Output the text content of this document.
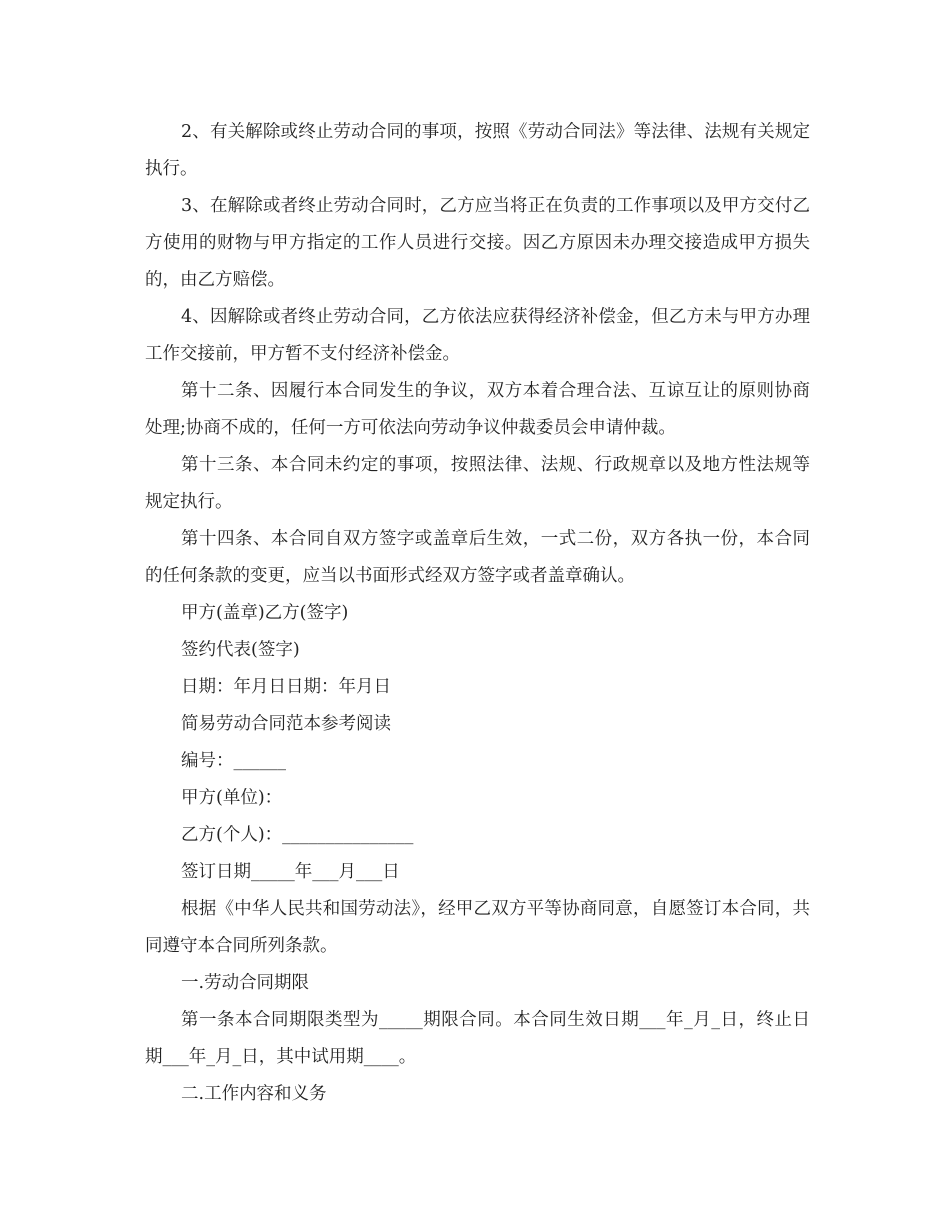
2、有关解除或终止劳动合同的事项，按照《劳动合同法》等法律、法规有关规定执行。

3、在解除或者终止劳动合同时，乙方应当将正在负责的工作事项以及甲方交付乙方使用的财物与甲方指定的工作人员进行交接。因乙方原因未办理交接造成甲方损失的，由乙方赔偿。

4、因解除或者终止劳动合同，乙方依法应获得经济补偿金，但乙方未与甲方办理工作交接前，甲方暂不支付经济补偿金。

第十二条、因履行本合同发生的争议，双方本着合理合法、互谅互让的原则协商处理;协商不成的，任何一方可依法向劳动争议仲裁委员会申请仲裁。

第十三条、本合同未约定的事项，按照法律、法规、行政规章以及地方性法规等规定执行。

第十四条、本合同自双方签字或盖章后生效，一式二份，双方各执一份，本合同的任何条款的变更，应当以书面形式经双方签字或者盖章确认。

甲方(盖章)乙方(签字)

签约代表(签字)

日期：年月日日期：年月日

简易劳动合同范本参考阅读

编号：______

甲方(单位)：

乙方(个人)：_______________

签订日期_____年___月___日

根据《中华人民共和国劳动法》，经甲乙双方平等协商同意，自愿签订本合同，共同遵守本合同所列条款。

一.劳动合同期限

第一条本合同期限类型为_____期限合同。本合同生效日期___年_月_日，终止日期___年_月_日，其中试用期____。

二.工作内容和义务
